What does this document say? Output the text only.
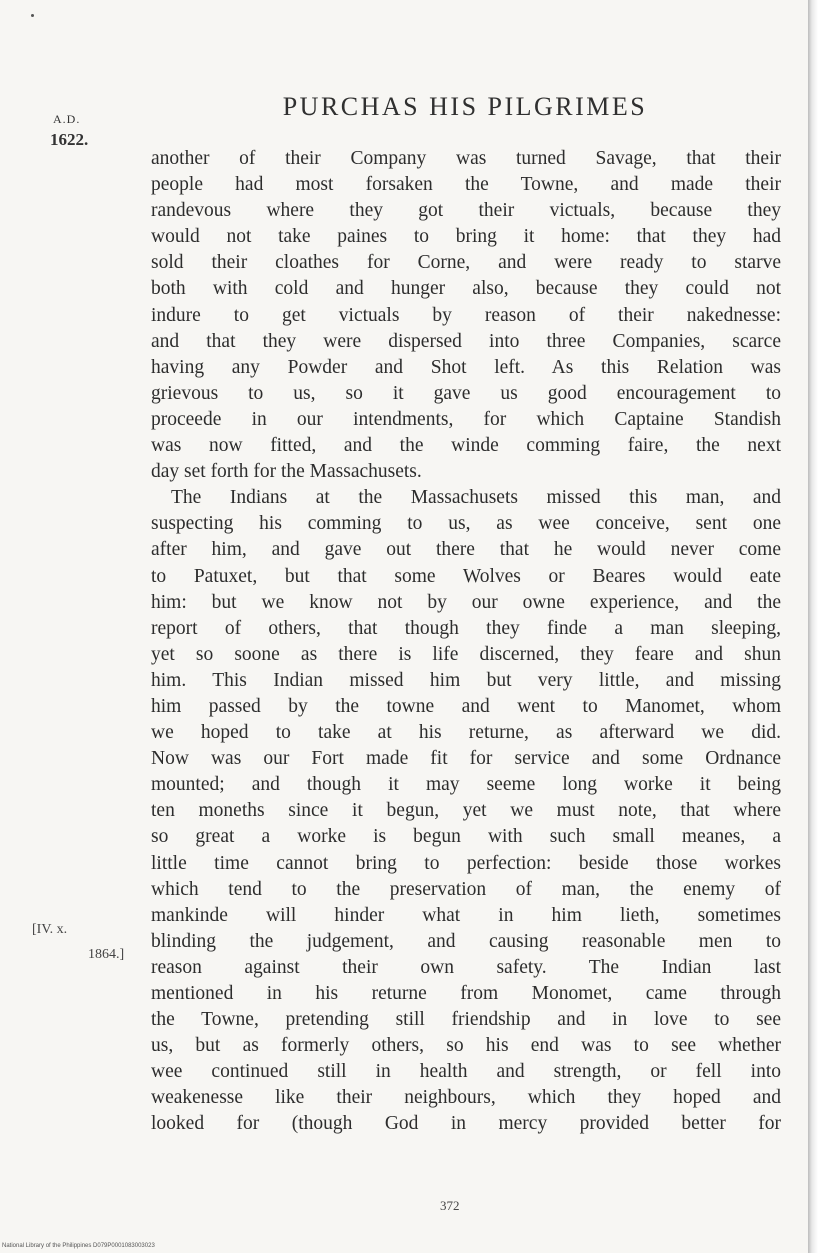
A.D.
1622.
PURCHAS HIS PILGRIMES
another of their Company was turned Savage, that their
people had most forsaken the Towne, and made their
randevous where they got their victuals, because they
would not take paines to bring it home: that they had
sold their cloathes for Corne, and were ready to starve
both with cold and hunger also, because they could not
indure to get victuals by reason of their nakednesse:
and that they were dispersed into three Companies, scarce
having any Powder and Shot left. As this Relation was
grievous to us, so it gave us good encouragement to
proceede in our intendments, for which Captaine Standish
was now fitted, and the winde comming faire, the next
day set forth for the Massachusets.
The Indians at the Massachusets missed this man, and
suspecting his comming to us, as wee conceive, sent one
after him, and gave out there that he would never come
to Patuxet, but that some Wolves or Beares would eate
him: but we know not by our owne experience, and the
report of others, that though they finde a man sleeping,
yet so soone as there is life discerned, they feare and shun
him. This Indian missed him but very little, and missing
him passed by the towne and went to Manomet, whom
we hoped to take at his returne, as afterward we did.
Now was our Fort made fit for service and some Ordnance
mounted; and though it may seeme long worke it being
ten moneths since it begun, yet we must note, that where
so great a worke is begun with such small meanes, a
little time cannot bring to perfection: beside those workes
which tend to the preservation of man, the enemy of
mankinde will hinder what in him lieth, sometimes
blinding the judgement, and causing reasonable men to
reason against their own safety. The Indian last
mentioned in his returne from Monomet, came through
the Towne, pretending still friendship and in love to see
us, but as formerly others, so his end was to see whether
wee continued still in health and strength, or fell into
weakenesse like their neighbours, which they hoped and
looked for (though God in mercy provided better for
[IV. x.
1864.]
372
National Library of the Philippines D079P0001083003023
